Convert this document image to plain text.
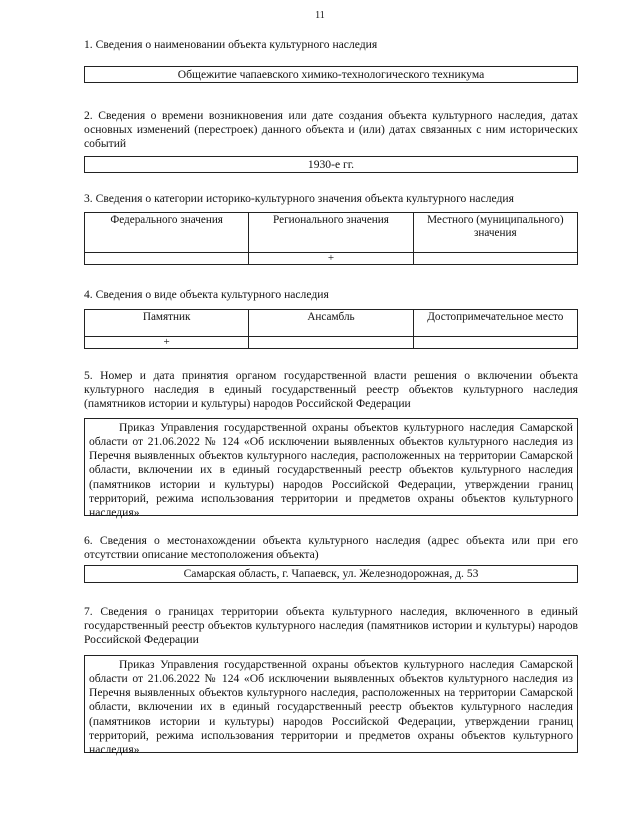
11
1. Сведения о наименовании объекта культурного наследия
Общежитие чапаевского химико-технологического техникума
2. Сведения о времени возникновения или дате создания объекта культурного наследия, датах основных изменений (перестроек) данного объекта и (или) датах связанных с ним исторических событий
1930-е гг.
3. Сведения о категории историко-культурного значения объекта культурного наследия
Федерального значения	Регионального значения	Местного (муниципального) значения
	+	
4. Сведения о виде объекта культурного наследия
Памятник	Ансамбль	Достопримечательное место
+		
5. Номер и дата принятия органом государственной власти решения о включении объекта культурного наследия в единый государственный реестр объектов культурного наследия (памятников истории и культуры) народов Российской Федерации
Приказ Управления государственной охраны объектов культурного наследия Самарской области от 21.06.2022 № 124 «Об исключении выявленных объектов культурного наследия из Перечня выявленных объектов культурного наследия, расположенных на территории Самарской области, включении их в единый государственный реестр объектов культурного наследия (памятников истории и культуры) народов Российской Федерации, утверждении границ территорий, режима использования территории и предметов охраны объектов культурного наследия»
6. Сведения о местонахождении объекта культурного наследия (адрес объекта или при его отсутствии описание местоположения объекта)
Самарская область, г. Чапаевск, ул. Железнодорожная, д. 53
7. Сведения о границах территории объекта культурного наследия, включенного в единый государственный реестр объектов культурного наследия (памятников истории и культуры) народов Российской Федерации
Приказ Управления государственной охраны объектов культурного наследия Самарской области от 21.06.2022 № 124 «Об исключении выявленных объектов культурного наследия из Перечня выявленных объектов культурного наследия, расположенных на территории Самарской области, включении их в единый государственный реестр объектов культурного наследия (памятников истории и культуры) народов Российской Федерации, утверждении границ территорий, режима использования территории и предметов охраны объектов культурного наследия»
